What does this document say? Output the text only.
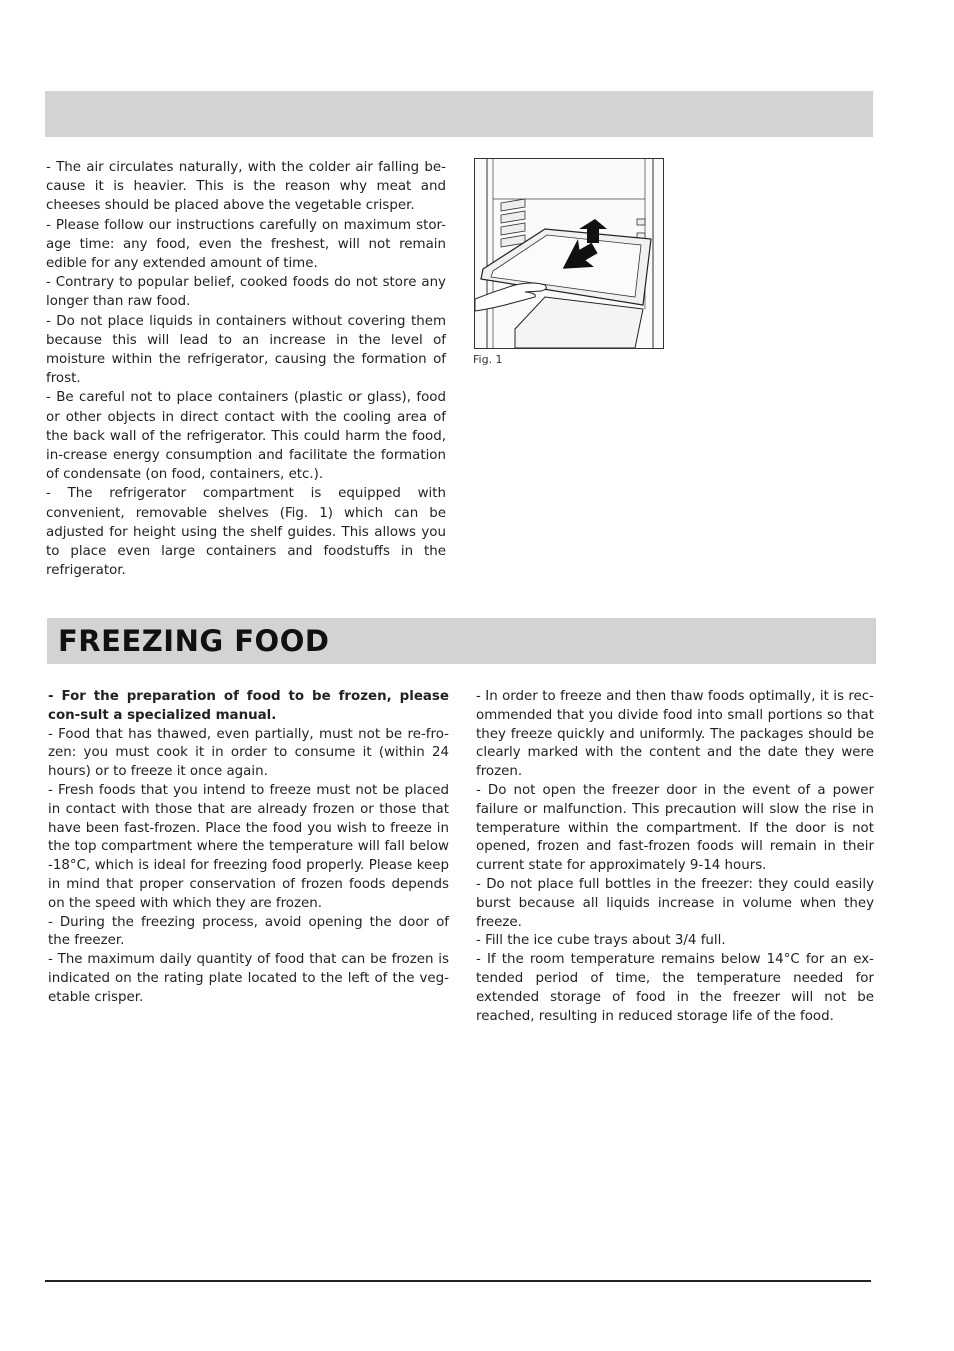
- The air circulates naturally, with the colder air falling be-cause it is heavier. This is the reason why meat and cheeses should be placed above the vegetable crisper.

- Please follow our instructions carefully on maximum stor-age time: any food, even the freshest, will not remain edible for any extended amount of time.

- Contrary to popular belief, cooked foods do not store any longer than raw food.

- Do not place liquids in containers without covering them because this will lead to an increase in the level of moisture within the refrigerator, causing the formation of frost.

- Be careful not to place containers (plastic or glass), food or other objects in direct contact with the cooling area of the back wall of the refrigerator. This could harm the food, in-crease energy consumption and facilitate the formation of condensate (on food, containers, etc.).

- The refrigerator compartment is equipped with convenient, removable shelves (Fig. 1) which can be adjusted for height using the shelf guides. This allows you to place even large containers and foodstuffs in the refrigerator.

Fig. 1
FREEZING FOOD

- For the preparation of food to be frozen, please con-sult a specialized manual.

- Food that has thawed, even partially, must not be re-fro-zen: you must cook it in order to consume it (within 24 hours) or to freeze it once again.

- Fresh foods that you intend to freeze must not be placed in contact with those that are already frozen or those that have been fast-frozen. Place the food you wish to freeze in the top compartment where the temperature will fall below -18°C, which is ideal for freezing food properly. Please keep in mind that proper conservation of frozen foods depends on the speed with which they are frozen.

- During the freezing process, avoid opening the door of the freezer.

- The maximum daily quantity of food that can be frozen is indicated on the rating plate located to the left of the veg-etable crisper.

- In order to freeze and then thaw foods optimally, it is rec-ommended that you divide food into small portions so that they freeze quickly and uniformly. The packages should be clearly marked with the content and the date they were frozen.

- Do not open the freezer door in the event of a power failure or malfunction. This precaution will slow the rise in temperature within the compartment. If the door is not opened, frozen and fast-frozen foods will remain in their current state for approximately 9-14 hours.

- Do not place full bottles in the freezer: they could easily burst because all liquids increase in volume when they freeze.

- Fill the ice cube trays about 3/4 full.

- If the room temperature remains below 14°C for an ex-tended period of time, the temperature needed for extended storage of food in the freezer will not be reached, resulting in reduced storage life of the food.
